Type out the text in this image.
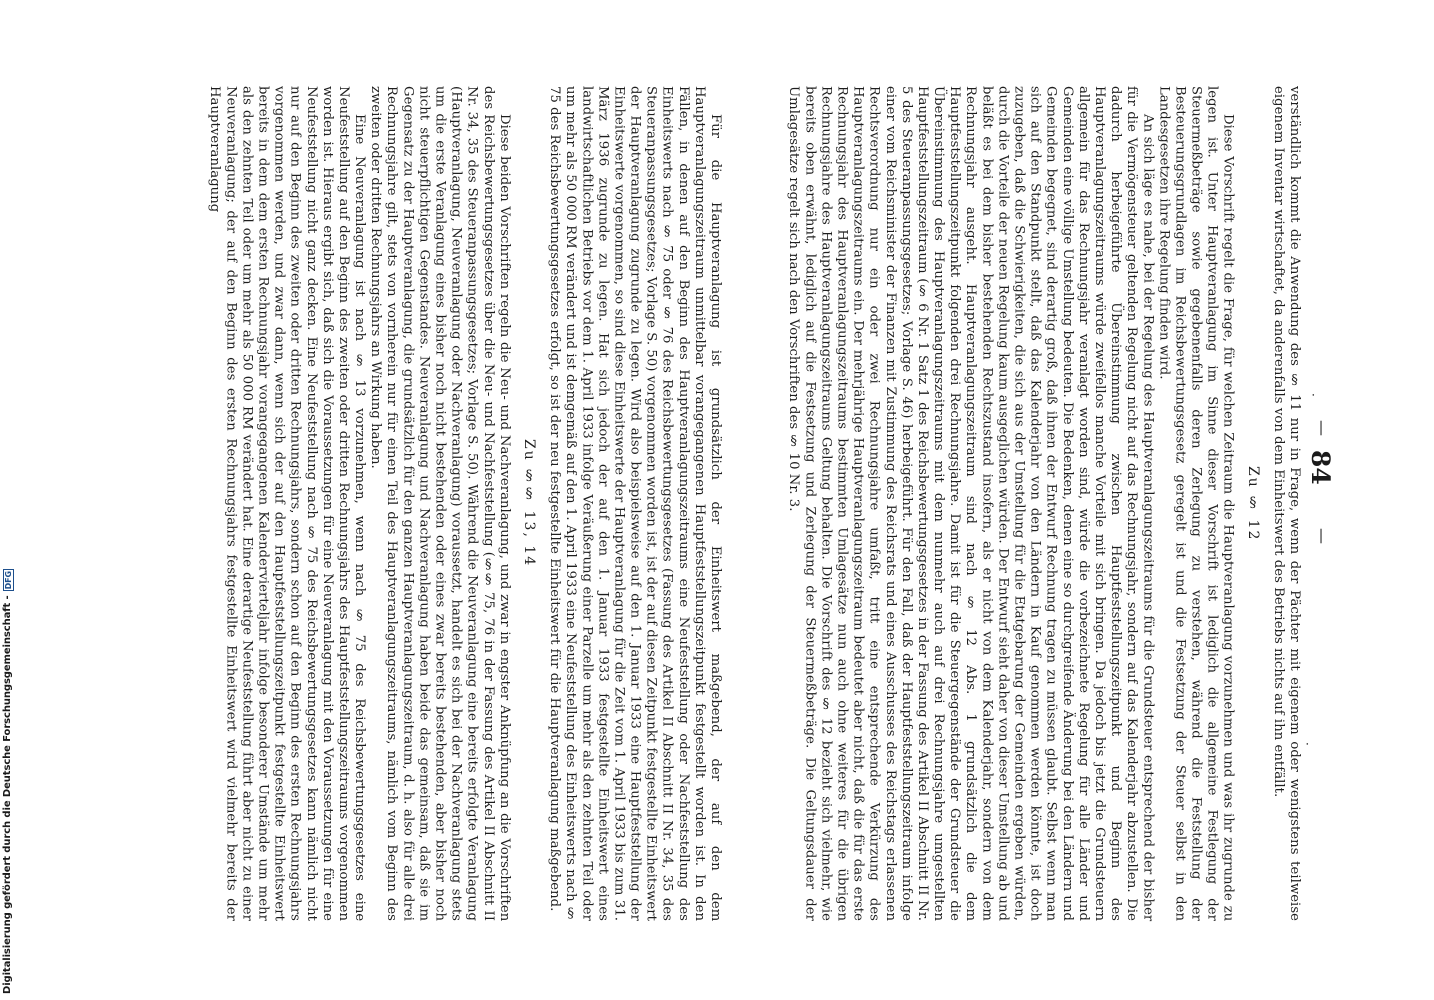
·
—
84
—
·

verständlich kommt die Anwendung des § 11 nur in Frage, wenn der Pächter mit eigenem oder wenigstens teilweise eigenem Inventar wirtschaftet, da anderenfalls von dem Einheitswert des Betriebs nichts auf ihn entfällt.

Zu § 12

Diese Vorschrift regelt die Frage, für welchen Zeitraum die Hauptveranlagung vorzunehmen und was ihr zugrunde zu legen ist. Unter Hauptveranlagung im Sinne dieser Vorschrift ist lediglich die allgemeine Festlegung der Steuermeßbeträge sowie gegebenenfalls deren Zerlegung zu verstehen, während die Feststellung der Besteuerungsgrundlagen im Reichsbewertungsgesetz geregelt ist und die Festsetzung der Steuer selbst in den Landesgesetzen ihre Regelung finden wird.

An sich läge es nahe, bei der Regelung des Hauptveranlagungszeitraums für die Grundsteuer entsprechend der bisher für die Vermögensteuer geltenden Regelung nicht auf das Rechnungsjahr, sondern auf das Kalenderjahr abzustellen. Die dadurch herbeigeführte Übereinstimmung zwischen Hauptfeststellungszeitpunkt und Beginn des Hauptveranlagungszeitraums würde zweifellos manche Vorteile mit sich bringen. Da jedoch bis jetzt die Grundsteuern allgemein für das Rechnungsjahr veranlagt worden sind, würde die vorbezeichnete Regelung für alle Länder und Gemeinden eine völlige Umstellung bedeuten. Die Bedenken, denen eine so durchgreifende Änderung bei den Ländern und Gemeinden begegnet, sind derartig groß, daß ihnen der Entwurf Rechnung tragen zu müssen glaubt. Selbst wenn man sich auf den Standpunkt stellt, daß das Kalenderjahr von den Ländern in Kauf genommen werden könnte, ist doch zuzugeben, daß die Schwierigkeiten, die sich aus der Umstellung für die Etatgebarung der Gemeinden ergeben würden, durch die Vorteile der neuen Regelung kaum ausgeglichen würden. Der Entwurf sieht daher von dieser Umstellung ab und beläßt es bei dem bisher bestehenden Rechtszustand insofern, als er nicht von dem Kalenderjahr, sondern von dem Rechnungsjahr ausgeht. Hauptveranlagungszeitraum sind nach § 12 Abs. 1 grundsätzlich die dem Hauptfeststellungszeitpunkt folgenden drei Rechnungsjahre. Damit ist für die Steuergegenstände der Grundsteuer die Übereinstimmung des Hauptveranlagungszeitraums mit dem nunmehr auch auf drei Rechnungsjahre umgestellten Hauptfeststellungszeitraum (§ 6 Nr. 1 Satz 1 des Reichsbewertungsgesetzes in der Fassung des Artikel II Abschnitt II Nr. 5 des Steueranpassungsgesetzes; Vorlage S. 46) herbeigeführt. Für den Fall, daß der Hauptfeststellungszeitraum infolge einer vom Reichsminister der Finanzen mit Zustimmung des Reichsrats und eines Ausschusses des Reichstags erlassenen Rechtsverordnung nur ein oder zwei Rechnungsjahre umfaßt, tritt eine entsprechende Verkürzung des Hauptveranlagungszeitraums ein. Der mehrjährige Hauptveranlagungszeitraum bedeutet aber nicht, daß die für das erste Rechnungsjahr des Hauptveranlagungszeitraums bestimmten Umlagesätze nun auch ohne weiteres für die übrigen Rechnungsjahre des Hauptveranlagungszeitraums Geltung behalten. Die Vorschrift des § 12 bezieht sich vielmehr, wie bereits oben erwähnt, lediglich auf die Festsetzung und Zerlegung der Steuermeßbeträge. Die Geltungsdauer der Umlagesätze regelt sich nach den Vorschriften des § 10 Nr. 3.

Für die Hauptveranlagung ist grundsätzlich der Einheitswert maßgebend, der auf den dem Hauptveranlagungszeitraum unmittelbar vorangegangenen Hauptfeststellungszeitpunkt festgestellt worden ist. In den Fällen, in denen auf den Beginn des Hauptveranlagungszeitraums eine Neufeststellung oder Nachfeststellung des Einheitswerts nach § 75 oder § 76 des Reichsbewertungsgesetzes (Fassung des Artikel II Abschnitt II Nr. 34, 35 des Steueranpassungsgesetzes; Vorlage S. 50) vorgenommen worden ist, ist der auf diesen Zeitpunkt festgestellte Einheitswert der Hauptveranlagung zugrunde zu legen. Wird also beispielsweise auf den 1. Januar 1933 eine Hauptfeststellung der Einheitswerte vorgenommen, so sind diese Einheitswerte der Hauptveranlagung für die Zeit vom 1. April 1933 bis zum 31. März 1936 zugrunde zu legen. Hat sich jedoch der auf den 1. Januar 1933 festgestellte Einheitswert eines landwirtschaftlichen Betriebs vor dem 1. April 1933 infolge Veräußerung einer Parzelle um mehr als den zehnten Teil oder um mehr als 50 000 RM verändert und ist demgemäß auf den 1. April 1933 eine Neufeststellung des Einheitswerts nach § 75 des Reichsbewertungsgesetzes erfolgt, so ist der neu festgestellte Einheitswert für die Hauptveranlagung maßgebend.

Zu §§ 13, 14

Diese beiden Vorschriften regeln die Neu- und Nachveranlagung, und zwar in engster Anknüpfung an die Vorschriften des Reichsbewertungsgesetzes über die Neu- und Nachfeststellung (§§ 75, 76 in der Fassung des Artikel II Abschnitt II Nr. 34, 35 des Steueranpassungsgesetzes; Vorlage S. 50). Während die Neuveranlagung eine bereits erfolgte Veranlagung (Hauptveranlagung, Neuveranlagung oder Nachveranlagung) voraussetzt, handelt es sich bei der Nachveranlagung stets um die erste Veranlagung eines bisher noch nicht bestehenden oder eines zwar bereits bestehenden, aber bisher noch nicht steuerpflichtigen Gegenstandes. Neuveranlagung und Nachveranlagung haben beide das gemeinsam, daß sie im Gegensatz zu der Hauptveranlagung, die grundsätzlich für den ganzen Hauptveranlagungszeitraum, d. h. also für alle drei Rechnungsjahre gilt, stets von vornherein nur für einen Teil des Hauptveranlagungszeitraums, nämlich vom Beginn des zweiten oder dritten Rechnungsjahrs an Wirkung haben.

Eine Neuveranlagung ist nach § 13 vorzunehmen, wenn nach § 75 des Reichsbewertungsgesetzes eine Neufeststellung auf den Beginn des zweiten oder dritten Rechnungsjahrs des Hauptfeststellungszeitraums vorgenommen worden ist. Hieraus ergibt sich, daß sich die Voraussetzungen für eine Neuveranlagung mit den Voraussetzungen für eine Neufeststellung nicht ganz decken. Eine Neufeststellung nach § 75 des Reichsbewertungsgesetzes kann nämlich nicht nur auf den Beginn des zweiten oder dritten Rechnungsjahrs, sondern schon auf den Beginn des ersten Rechnungsjahrs vorgenommen werden, und zwar dann, wenn sich der auf den Hauptfeststellungszeitpunkt festgestellte Einheitswert bereits in dem dem ersten Rechnungsjahr vorangegangenen Kalendervierteljahr infolge besonderer Umstände um mehr als den zehnten Teil oder um mehr als 50 000 RM verändert hat. Eine derartige Neufeststellung führt aber nicht zu einer Neuveranlagung; der auf den Beginn des ersten Rechnungsjahrs festgestellte Einheitswert wird vielmehr bereits der Hauptveranlagung

Digitalisierung gefördert durch die Deutsche Forschungsgemeinschaft -
DFG
